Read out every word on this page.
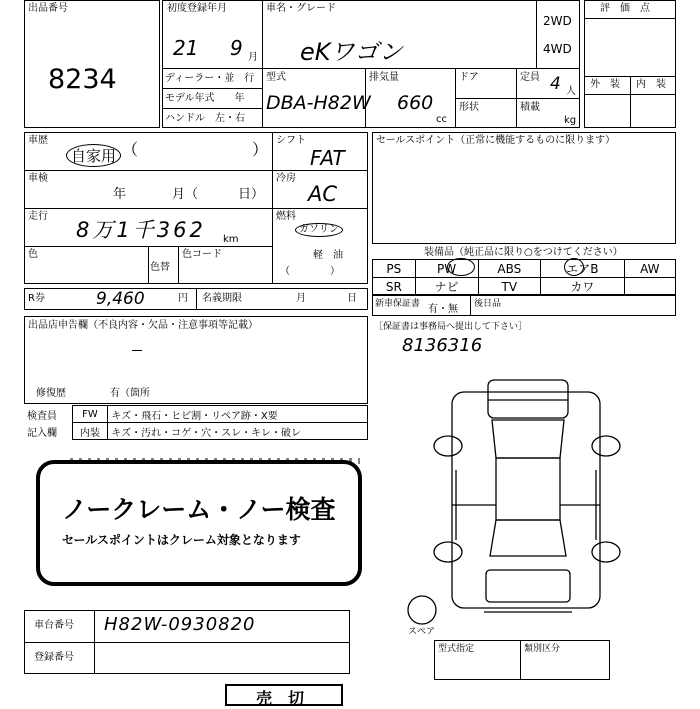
出品番号
8234
初度登録年月
21 9 月
車名・グレード
eKワゴン
2WD
4WD
ディーラー・並　行
モデル年式　　年
ハンドル　左・右
型式
DBA-H82W
排気量
660
cc
ドア
形状
定員 4 人
積載
kg
評　価　点
外　装 内　装
車歴
自家用 （	） シフト
FAT
車検
年	月（	日）
冷房
AC
走行
8万1千362 km
燃料
ガソリン
軽　油
（　　　　）
色
色替
色コード
R券	9,460	円 名義期限	月	日
出品店申告欄（不良内容・欠品・注意事項等記載）
修復歴	有（箇所
検査員	FW	キズ・飛石・ヒビ割・リペア跡・X要
記入欄	内装	キズ・汚れ・コゲ・穴・スレ・キレ・破レ
ノークレーム・ノー検査
セールスポイントはクレーム対象となります
車台番号 H82W-0930820
登録番号
売　切
セールスポイント（正常に機能するものに限ります）
装備品（純正品に限り○をつけてください）
PS	PW	ABS	エアB	AW
SR	ナビ	TV	カワ	
新車保証書 有・無 後日品
［保証書は事務局へ提出して下さい］
8136316
スペア
型式指定	類別区分
